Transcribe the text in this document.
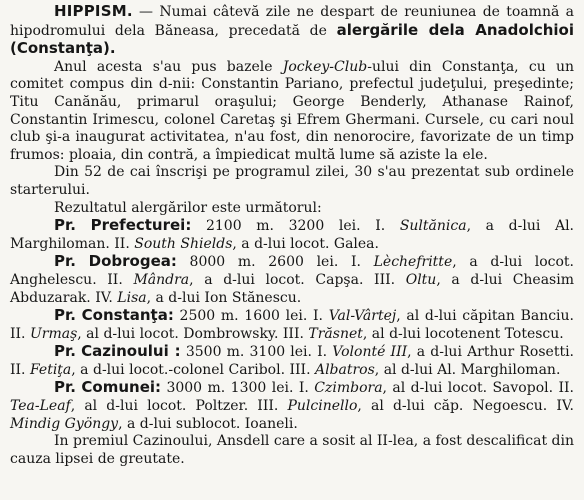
HIPPISM. — Numai câtevă zile ne despart de reuniunea de toamnă a hipodromului dela Băneasa, precedată de alergările dela Anadolchioi (Constanţa).

Anul acesta s'au pus bazele Jockey-Club-ului din Constanţa, cu un comitet compus din d-nii: Constantin Pariano, prefectul judeţului, preşedinte; Titu Canănău, primarul oraşului; George Benderly, Athanase Rainof, Constantin Irimescu, colonel Caretaş şi Efrem Ghermani. Cursele, cu cari noul club şi-a inaugurat activitatea, n'au fost, din nenorocire, favorizate de un timp frumos: ploaia, din contră, a împiedicat multă lume să aziste la ele.

Din 52 de cai înscrişi pe programul zilei, 30 s'au prezentat sub ordinele starterului.

Rezultatul alergărilor este următorul:

Pr. Prefecturei: 2100 m. 3200 lei. I. Sultănica, a d-lui Al. Marghiloman. II. South Shields, a d-lui locot. Galea.

Pr. Dobrogea: 8000 m. 2600 lei. I. Lèchefritte, a d-lui locot. Anghelescu. II. Mândra, a d-lui locot. Capşa. III. Oltu, a d-lui Cheasim Abduzarak. IV. Lisa, a d-lui Ion Stănescu.

Pr. Constanţa: 2500 m. 1600 lei. I. Val-Vârtej, al d-lui căpitan Banciu. II. Urmaş, al d-lui locot. Dombrowsky. III. Trăsnet, al d-lui locotenent Totescu.

Pr. Cazinoului : 3500 m. 3100 lei. I. Volonté III, a d-lui Arthur Rosetti. II. Fetiţa, a d-lui locot.-colonel Caribol. III. Albatros, al d-lui Al. Marghiloman.

Pr. Comunei: 3000 m. 1300 lei. I. Czimbora, al d-lui locot. Savopol. II. Tea-Leaf, al d-lui locot. Poltzer. III. Pulcinello, al d-lui căp. Negoescu. IV. Mindig Gyöngy, a d-lui sublocot. Ioaneli.

In premiul Cazinoului, Ansdell care a sosit al II-lea, a fost descalificat din cauza lipsei de greutate.
